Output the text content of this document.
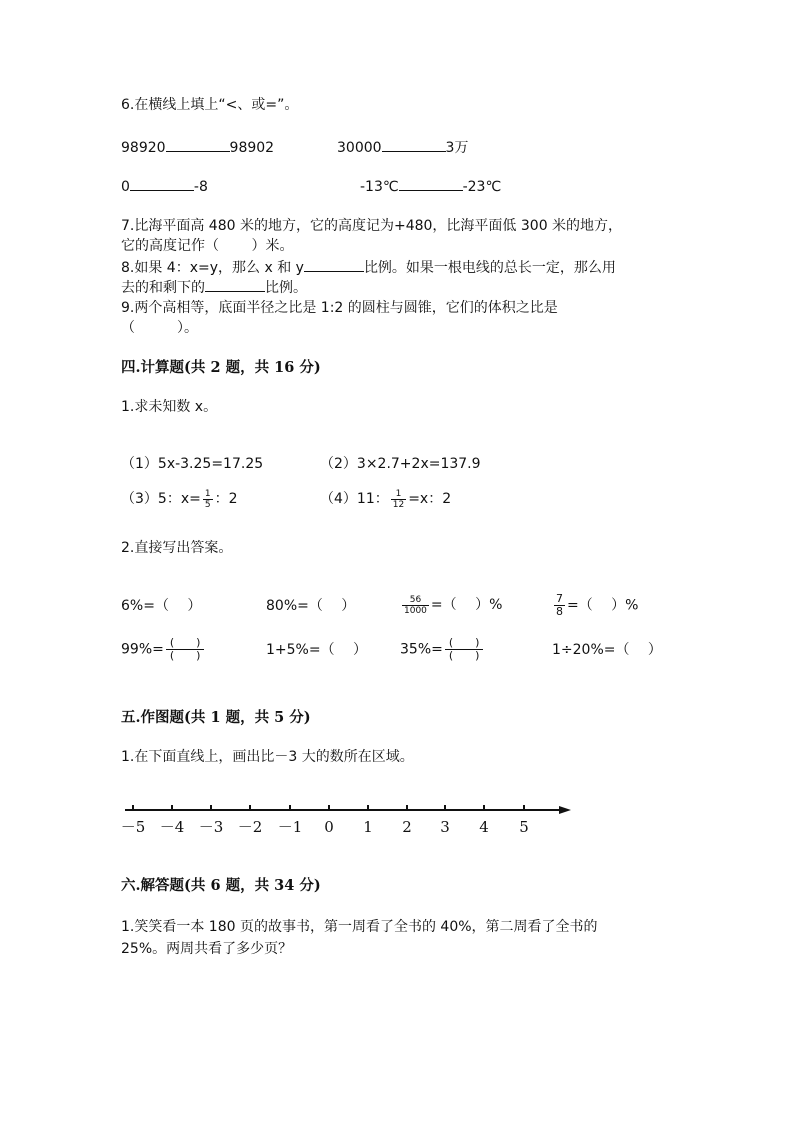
6.在横线上填上“<、或=”。
98920	98902	30000	3万
0	-8	-13℃	-23℃
7.比海平面高 480 米的地方，它的高度记为+480，比海平面低 300 米的地方，
它的高度记作（　　 ）米。
8.如果 4：x=y，那么 x 和 y	比例。如果一根电线的总长一定，那么用
去的和剩下的	比例。
9.两个高相等，底面半径之比是 1:2 的圆柱与圆锥，它们的体积之比是
（　　　）。
四.计算题(共 2 题，共 16 分)
1.求未知数 x。
（1）5x-3.25=17.25	（2）3×2.7+2x=137.9
（3）5：$x= \frac{1}{5}$ ：2	（4）11： $\frac{1}{12} =x$：2
2.直接写出答案。
6%=（　 ）	80%=（　 ）	$\frac{56}{1000}$ =（　 ）%	$\frac{7}{8}$ =（　 ）%
$99\%= \frac{( )}{( )}$	1+5%=（　 ） $35\%= \frac{( )}{( )}$	1÷20%=（　 ）
五.作图题(共 1 题，共 5 分)
1.在下面直线上，画出比－3 大的数所在区域。
－5 －4 －3 －2 －1 0 1 2 3 4 5
六.解答题(共 6 题，共 34 分)
1.笑笑看一本 180 页的故事书，第一周看了全书的 40%，第二周看了全书的
25%。两周共看了多少页？
